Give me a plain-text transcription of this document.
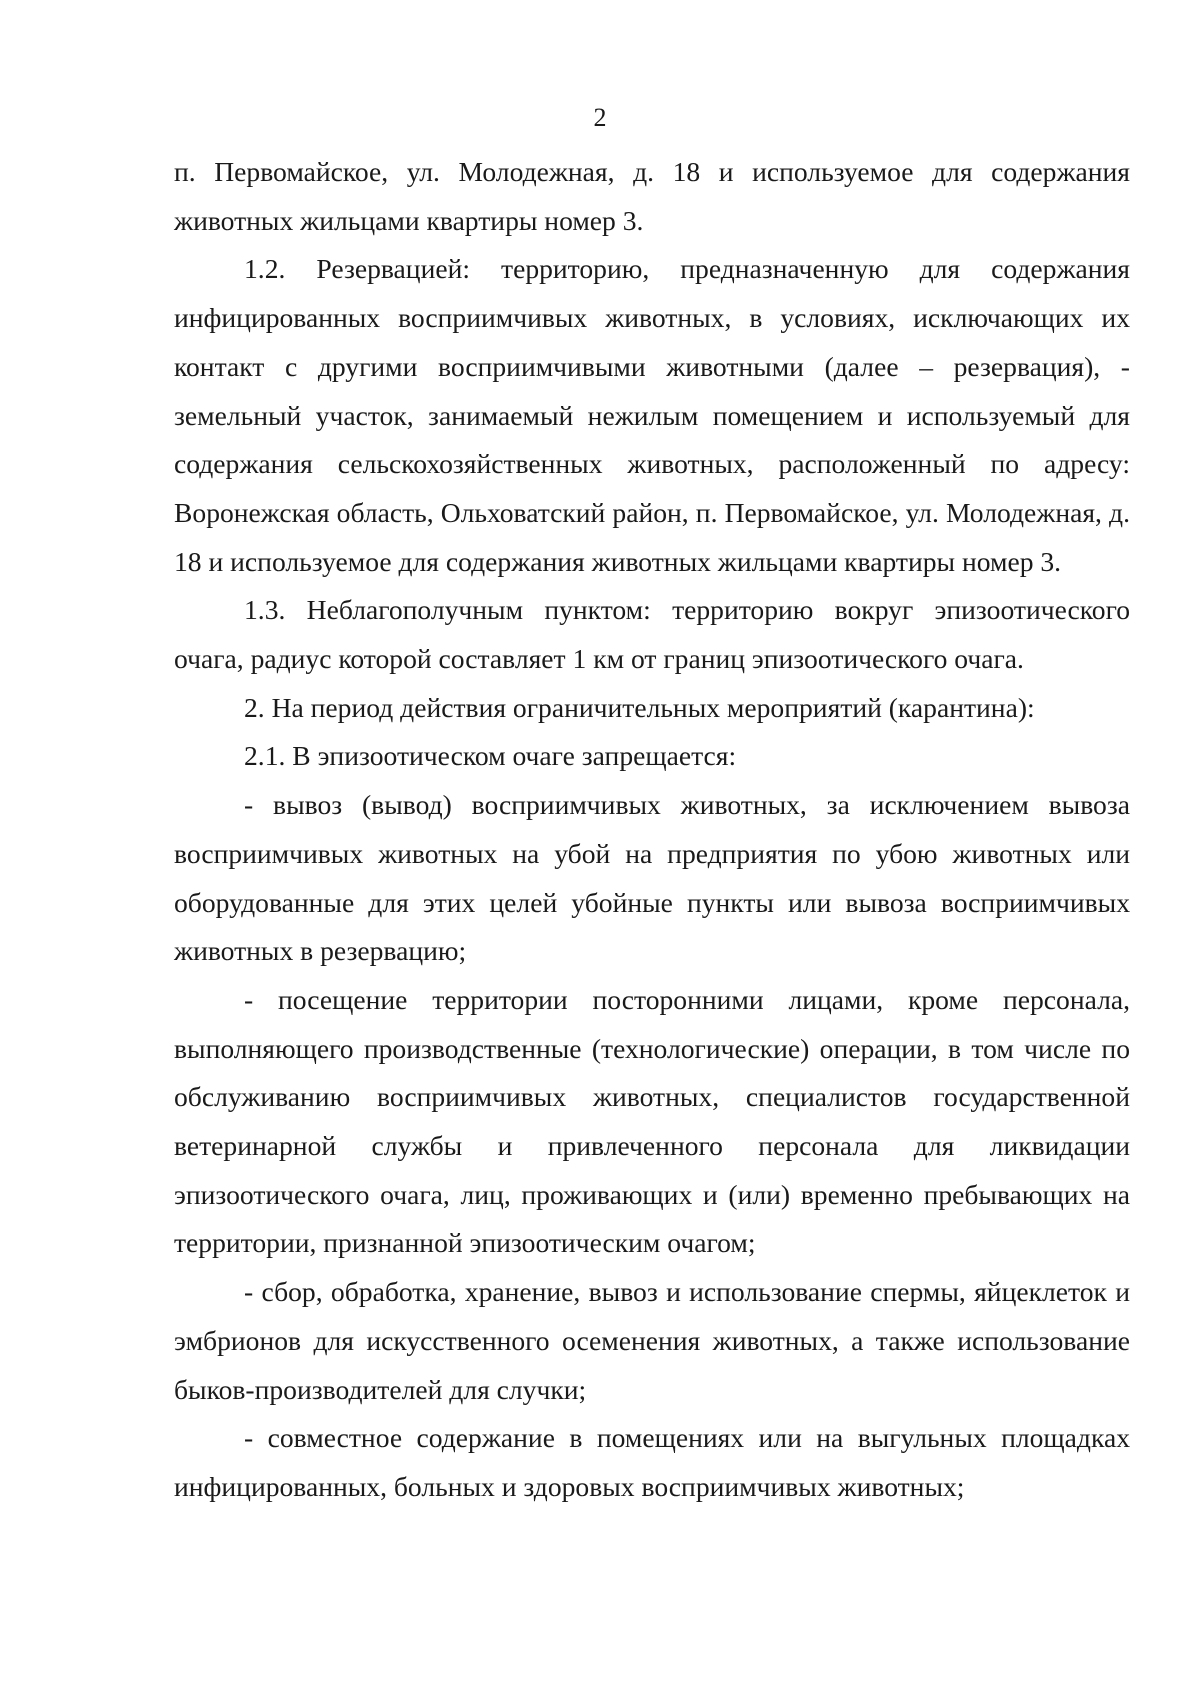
2

п. Первомайское, ул. Молодежная, д. 18 и используемое для содержания животных жильцами квартиры номер 3.

1.2. Резервацией: территорию, предназначенную для содержания инфицированных восприимчивых животных, в условиях, исключающих их контакт с другими восприимчивыми животными (далее – резервация), - земельный участок, занимаемый нежилым помещением и используемый для содержания сельскохозяйственных животных, расположенный по адресу: Воронежская область, Ольховатский район, п. Первомайское, ул. Молодежная, д. 18 и используемое для содержания животных жильцами квартиры номер 3.

1.3. Неблагополучным пунктом: территорию вокруг эпизоотического очага, радиус которой составляет 1 км от границ эпизоотического очага.

2. На период действия ограничительных мероприятий (карантина):

2.1. В эпизоотическом очаге запрещается:

- вывоз (вывод) восприимчивых животных, за исключением вывоза восприимчивых животных на убой на предприятия по убою животных или оборудованные для этих целей убойные пункты или вывоза восприимчивых животных в резервацию;

- посещение территории посторонними лицами, кроме персонала, выполняющего производственные (технологические) операции, в том числе по обслуживанию восприимчивых животных, специалистов государственной ветеринарной службы и привлеченного персонала для ликвидации эпизоотического очага, лиц, проживающих и (или) временно пребывающих на территории, признанной эпизоотическим очагом;

- сбор, обработка, хранение, вывоз и использование спермы, яйцеклеток и эмбрионов для искусственного осеменения животных, а также использование быков-производителей для случки;

- совместное содержание в помещениях или на выгульных площадках инфицированных, больных и здоровых восприимчивых животных;
